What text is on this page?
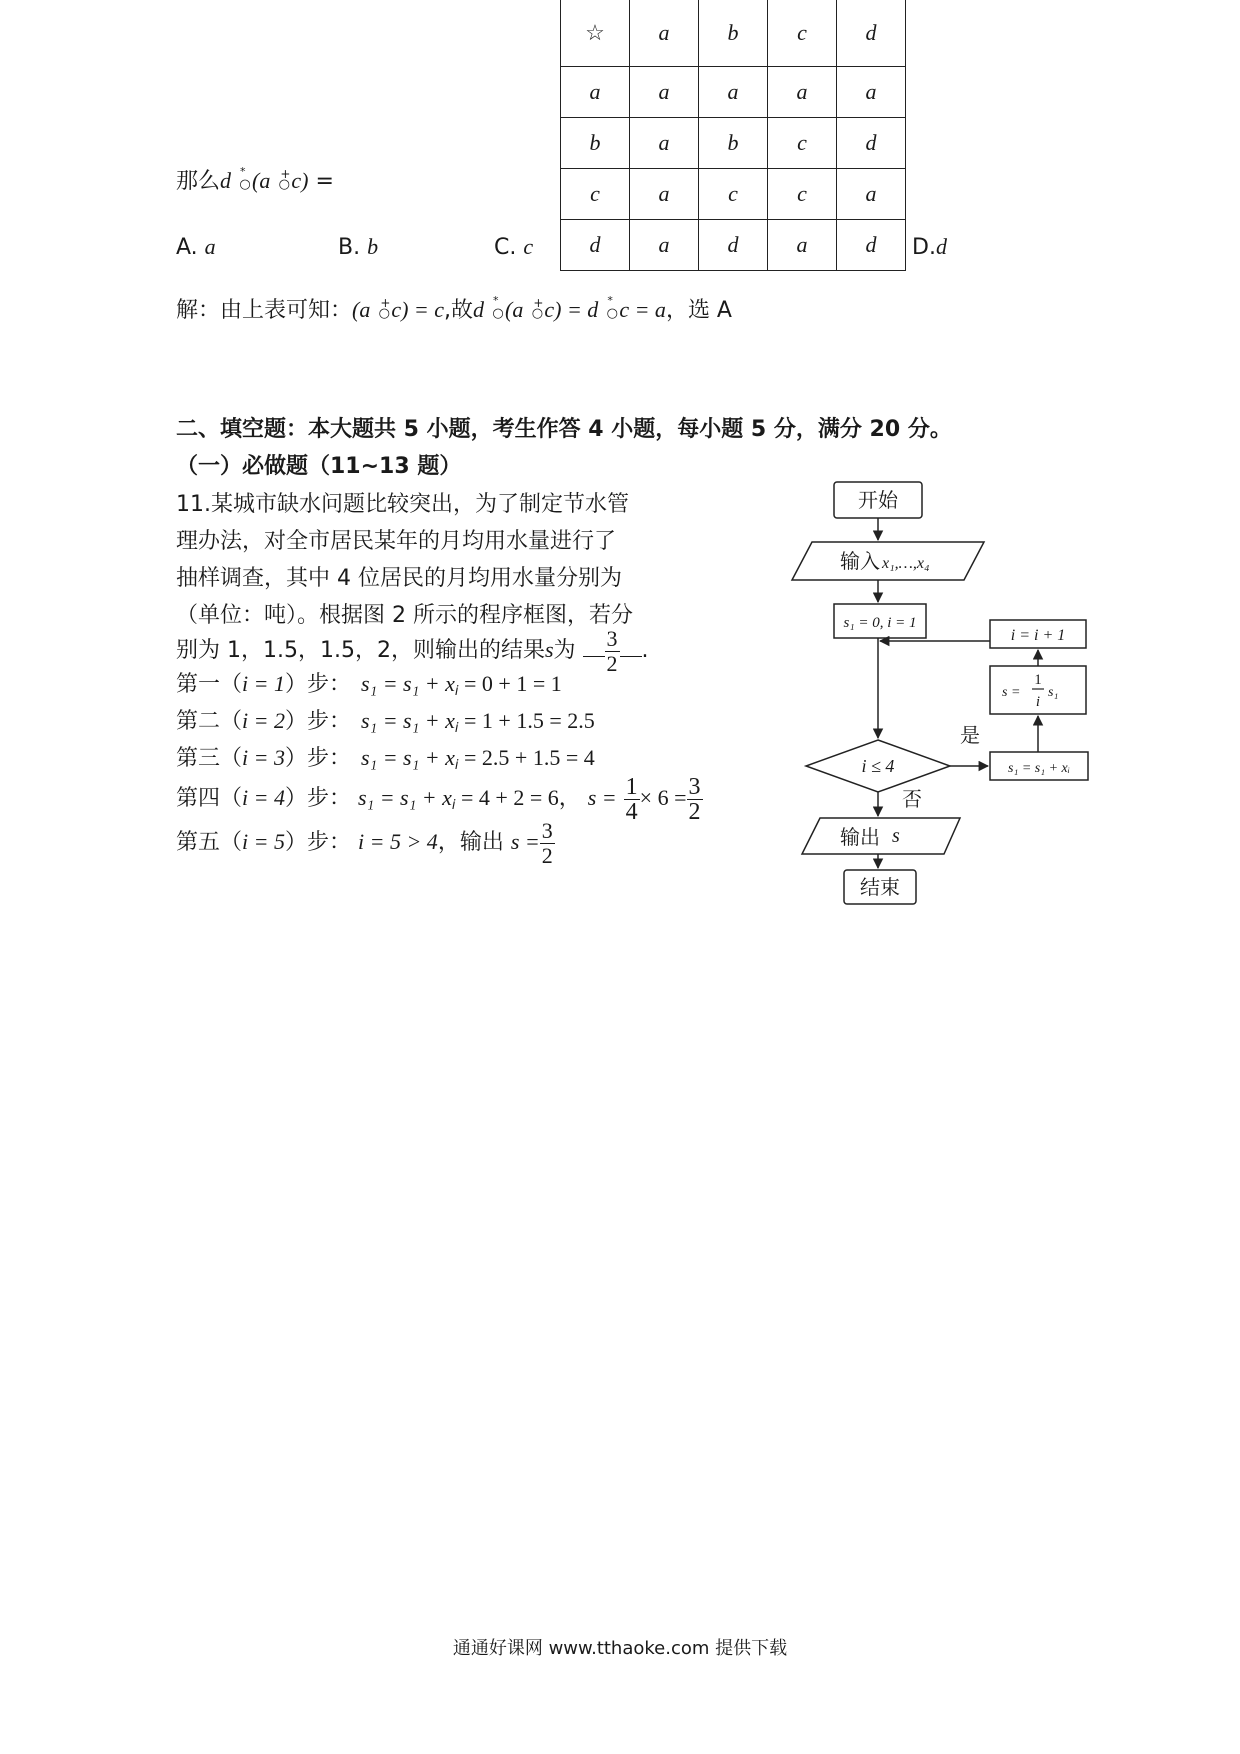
☆	a	b	c	d
a	a	a	a	a
b	a	b	c	d
c	a	c	c	a
d	a	d	a	d
那么d *
○(a +
○c) =
A. a	B. b	C. c	D.d
解：由上表可知：(a +
○c) = c,故d *
○(a +
○c) = d *
○c = a，选 A
二、填空题：本大题共 5 小题，考生作答 4 小题，每小题 5 分，满分 20 分。
（一）必做题（11~13 题）
11.某城市缺水问题比较突出，为了制定节水管
理办法，对全市居民某年的月均用水量进行了
抽样调查，其中 4 位居民的月均用水量分别为
（单位：吨）。根据图 2 所示的程序框图，若分
别为 1，1.5，1.5，2，则输出的结果s为 $\frac{3}{2}$ .
第一（i = 1）步： $s_1 = s_1 + x_i = 0 + 1 = 1$
第二（i = 2）步： $s_1 = s_1 + x_i = 1 + 1.5 = 2.5$
第三（i = 3）步： $s_1 = s_1 + x_i = 2.5 + 1.5 = 4$
第四（i = 4）步： $s_1 = s_1 + x_i = 4 + 2 = 6$， $s = \frac{1}{4} \times 6 = \frac{3}{2}$
第五（i = 5）步： i = 5 > 4，输出 $s = \frac{3}{2}$
开始
输入 x₁,…,x₄
s₁ = 0, i = 1
i = i + 1
s =
1
i
s₁
s₁ = s₁ + xᵢ
i ≤ 4
是
否
输出 s
结束
通通好课网 www.tthaoke.com 提供下载
